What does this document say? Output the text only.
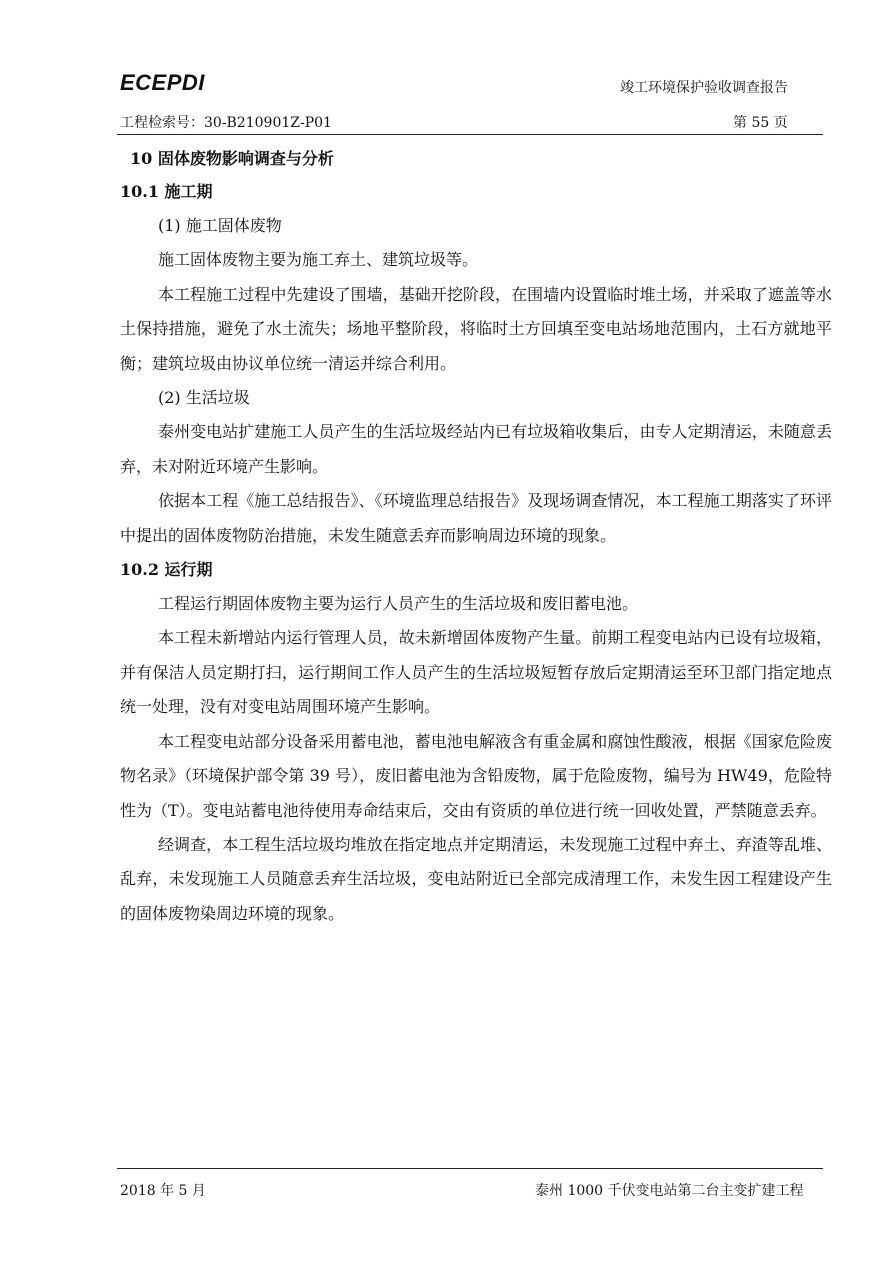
ECEPDI	竣工环境保护验收调查报告
工程检索号：30-B210901Z-P01	第 55 页
10 固体废物影响调查与分析
10.1 施工期

(1) 施工固体废物

施工固体废物主要为施工弃土、建筑垃圾等。

本工程施工过程中先建设了围墙，基础开挖阶段，在围墙内设置临时堆土场，并采取了遮盖等水土保持措施，避免了水土流失；场地平整阶段，将临时土方回填至变电站场地范围内，土石方就地平衡；建筑垃圾由协议单位统一清运并综合利用。

(2) 生活垃圾

泰州变电站扩建施工人员产生的生活垃圾经站内已有垃圾箱收集后，由专人定期清运，未随意丢弃，未对附近环境产生影响。

依据本工程《施工总结报告》、《环境监理总结报告》及现场调查情况，本工程施工期落实了环评中提出的固体废物防治措施，未发生随意丢弃而影响周边环境的现象。

10.2 运行期

工程运行期固体废物主要为运行人员产生的生活垃圾和废旧蓄电池。

本工程未新增站内运行管理人员，故未新增固体废物产生量。前期工程变电站内已设有垃圾箱，并有保洁人员定期打扫，运行期间工作人员产生的生活垃圾短暂存放后定期清运至环卫部门指定地点统一处理，没有对变电站周围环境产生影响。

本工程变电站部分设备采用蓄电池，蓄电池电解液含有重金属和腐蚀性酸液，根据《国家危险废物名录》（环境保护部令第 39 号），废旧蓄电池为含铅废物，属于危险废物，编号为 HW49，危险特性为（T）。变电站蓄电池待使用寿命结束后，交由有资质的单位进行统一回收处置，严禁随意丢弃。

经调查，本工程生活垃圾均堆放在指定地点并定期清运，未发现施工过程中弃土、弃渣等乱堆、乱弃，未发现施工人员随意丢弃生活垃圾，变电站附近已全部完成清理工作，未发生因工程建设产生的固体废物染周边环境的现象。

2018 年 5 月	泰州 1000 千伏变电站第二台主变扩建工程
